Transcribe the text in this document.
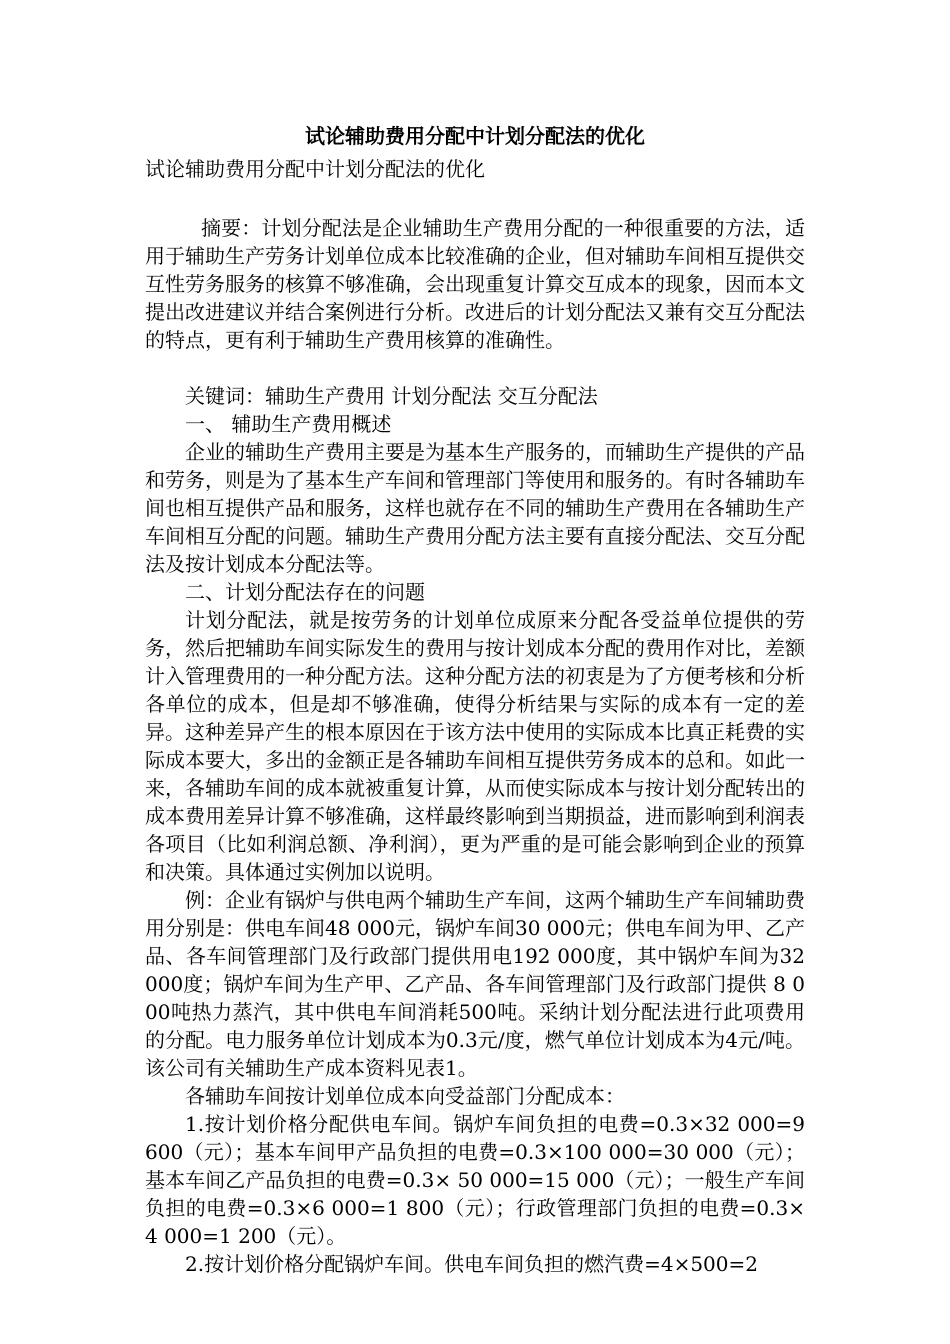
试论辅助费用分配中计划分配法的优化

试论辅助费用分配中计划分配法的优化

摘要：计划分配法是企业辅助生产费用分配的一种很重要的方法，适用于辅助生产劳务计划单位成本比较准确的企业，但对辅助车间相互提供交互性劳务服务的核算不够准确，会出现重复计算交互成本的现象，因而本文提出改进建议并结合案例进行分析。改进后的计划分配法又兼有交互分配法的特点，更有利于辅助生产费用核算的准确性。

关键词：辅助生产费用 计划分配法 交互分配法

一、 辅助生产费用概述

企业的辅助生产费用主要是为基本生产服务的，而辅助生产提供的产品和劳务，则是为了基本生产车间和管理部门等使用和服务的。有时各辅助车间也相互提供产品和服务，这样也就存在不同的辅助生产费用在各辅助生产车间相互分配的问题。辅助生产费用分配方法主要有直接分配法、交互分配法及按计划成本分配法等。

二、计划分配法存在的问题

计划分配法，就是按劳务的计划单位成原来分配各受益单位提供的劳务，然后把辅助车间实际发生的费用与按计划成本分配的费用作对比，差额计入管理费用的一种分配方法。这种分配方法的初衷是为了方便考核和分析各单位的成本，但是却不够准确，使得分析结果与实际的成本有一定的差异。这种差异产生的根本原因在于该方法中使用的实际成本比真正耗费的实际成本要大，多出的金额正是各辅助车间相互提供劳务成本的总和。如此一来，各辅助车间的成本就被重复计算，从而使实际成本与按计划分配转出的成本费用差异计算不够准确，这样最终影响到当期损益，进而影响到利润表各项目（比如利润总额、净利润），更为严重的是可能会影响到企业的预算和决策。具体通过实例加以说明。

例：企业有锅炉与供电两个辅助生产车间，这两个辅助生产车间辅助费用分别是：供电车间48 000元，锅炉车间30 000元；供电车间为甲、乙产品、各车间管理部门及行政部门提供用电192 000度，其中锅炉车间为32 000度；锅炉车间为生产甲、乙产品、各车间管理部门及行政部门提供 8 000吨热力蒸汽，其中供电车间消耗500吨。采纳计划分配法进行此项费用的分配。电力服务单位计划成本为0.3元/度，燃气单位计划成本为4元/吨。该公司有关辅助生产成本资料见表1。

各辅助车间按计划单位成本向受益部门分配成本：

1.按计划价格分配供电车间。锅炉车间负担的电费=0.3×32 000=9 600（元）；基本车间甲产品负担的电费=0.3×100 000=30 000（元）；基本车间乙产品负担的电费=0.3× 50 000=15 000（元）；一般生产车间负担的电费=0.3×6 000=1 800（元）；行政管理部门负担的电费=0.3×4 000=1 200（元）。

2.按计划价格分配锅炉车间。供电车间负担的燃汽费=4×500=2
